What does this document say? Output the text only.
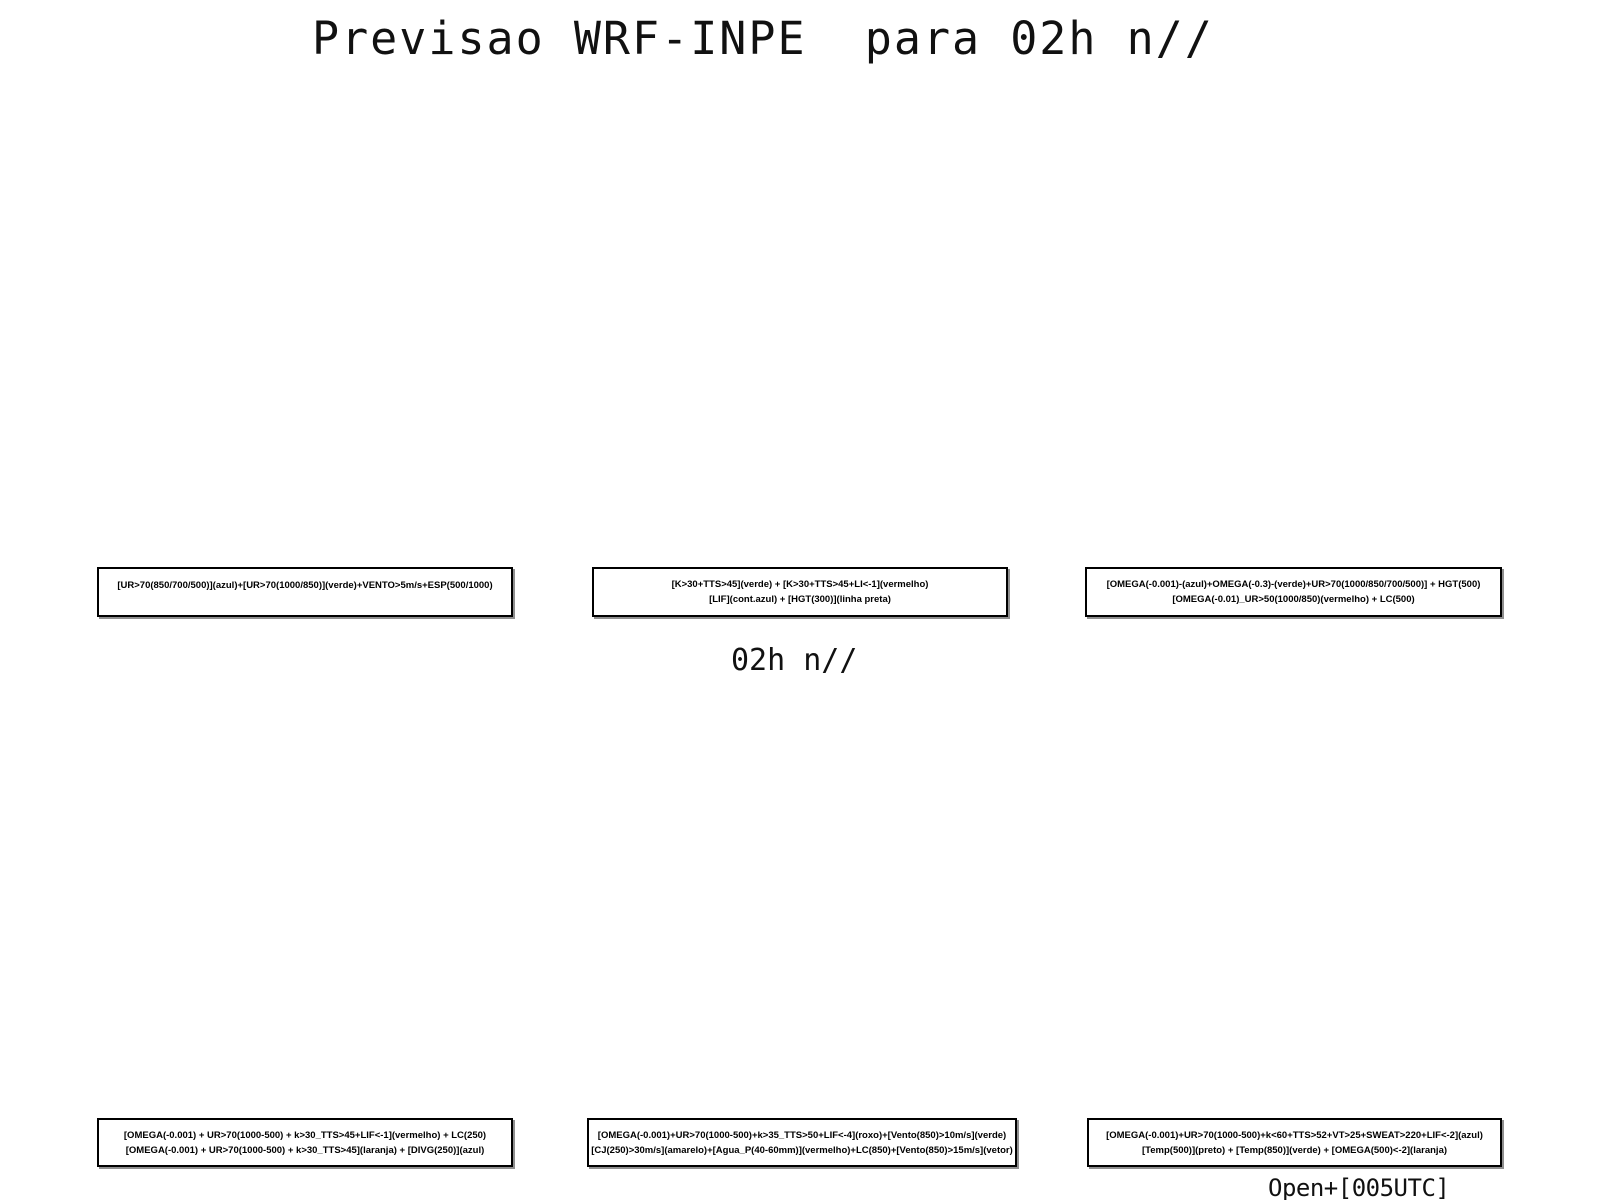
Previsao WRF-INPE  para 02h n//
[UR>70(850/700/500)](azul)+[UR>70(1000/850)](verde)+VENTO>5m/s+ESP(500/1000)	[K>30+TTS>45](verde) + [K>30+TTS>45+LI<-1](vermelho)
[LIF](cont.azul) + [HGT(300)](linha preta)
[OMEGA(-0.001)-(azul)+OMEGA(-0.3)-(verde)+UR>70(1000/850/700/500)] + HGT(500)
[OMEGA(-0.01)_UR>50(1000/850)(vermelho) + LC(500)
02h n//
[OMEGA(-0.001) + UR>70(1000-500) + k>30_TTS>45+LIF<-1](vermelho) + LC(250)
[OMEGA(-0.001) + UR>70(1000-500) + k>30_TTS>45](laranja) + [DIVG(250)](azul)
[OMEGA(-0.001)+UR>70(1000-500)+k>35_TTS>50+LIF<-4](roxo)+[Vento(850)>10m/s](verde)
[CJ(250)>30m/s](amarelo)+[Agua_P(40-60mm)](vermelho)+LC(850)+[Vento(850)>15m/s](vetor)
[OMEGA(-0.001)+UR>70(1000-500)+k<60+TTS>52+VT>25+SWEAT>220+LIF<-2](azul)
[Temp(500)](preto) + [Temp(850)](verde) + [OMEGA(500)<-2](laranja)
Open+[005UTC]
